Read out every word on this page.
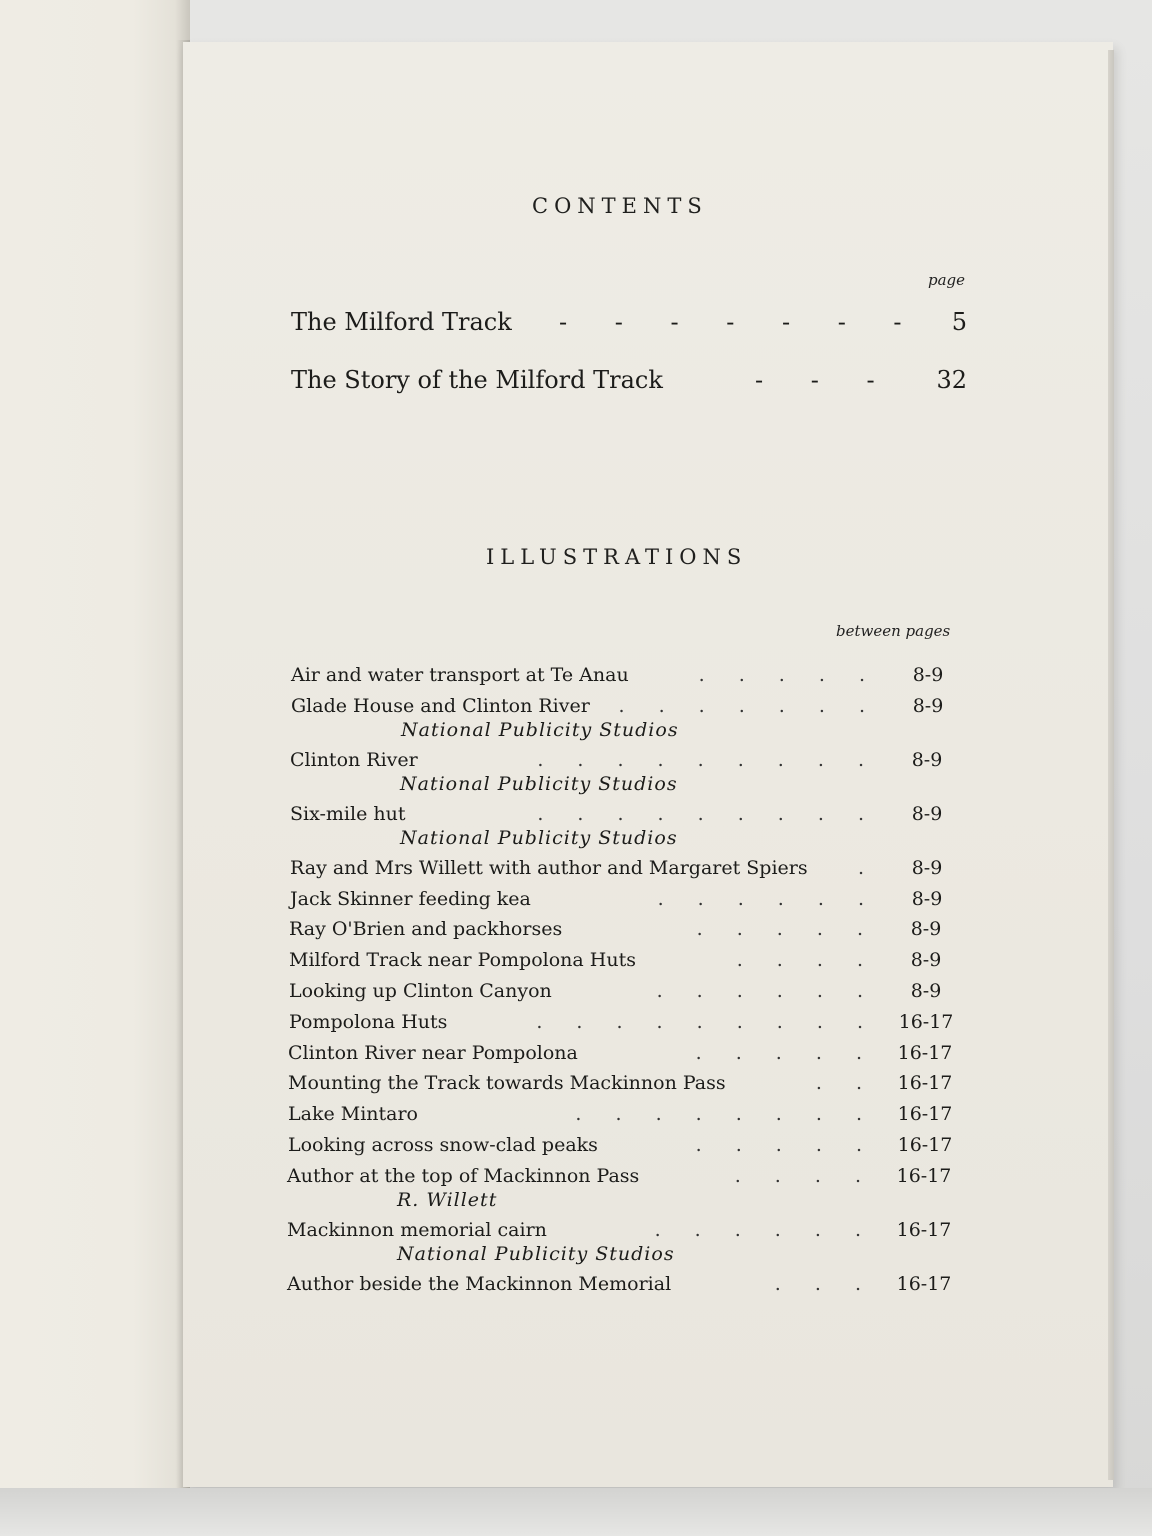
CONTENTS
page
The Milford Track - - - - - - - 5
The Story of the Milford Track	- - -	32
ILLUSTRATIONS
between pages
Air and water transport at Te Anau	. . . . .	8-9
Glade House and Clinton River . . . . . . .	8-9
National Publicity Studios
Clinton River	. . . . . . . . .	8-9
National Publicity Studios
Six-mile hut	. . . . . . . . .	8-9
National Publicity Studios
Ray and Mrs Willett with author and Margaret Spiers	.	8-9
Jack Skinner feeding kea	. . . . . .	8-9
Ray O'Brien and packhorses	. . . . .	8-9
Milford Track near Pompolona Huts	. . . .	8-9
Looking up Clinton Canyon	. . . . . .	8-9
Pompolona Huts	. . . . . . . . .	16-17
Clinton River near Pompolona	. . . . .	16-17
Mounting the Track towards Mackinnon Pass	. .	16-17
Lake Mintaro	. . . . . . . .	16-17
Looking across snow-clad peaks	. . . . .	16-17
Author at the top of Mackinnon Pass	. . . .	16-17
R. Willett
Mackinnon memorial cairn	. . . . . .	16-17
National Publicity Studios
Author beside the Mackinnon Memorial	. . .	16-17
